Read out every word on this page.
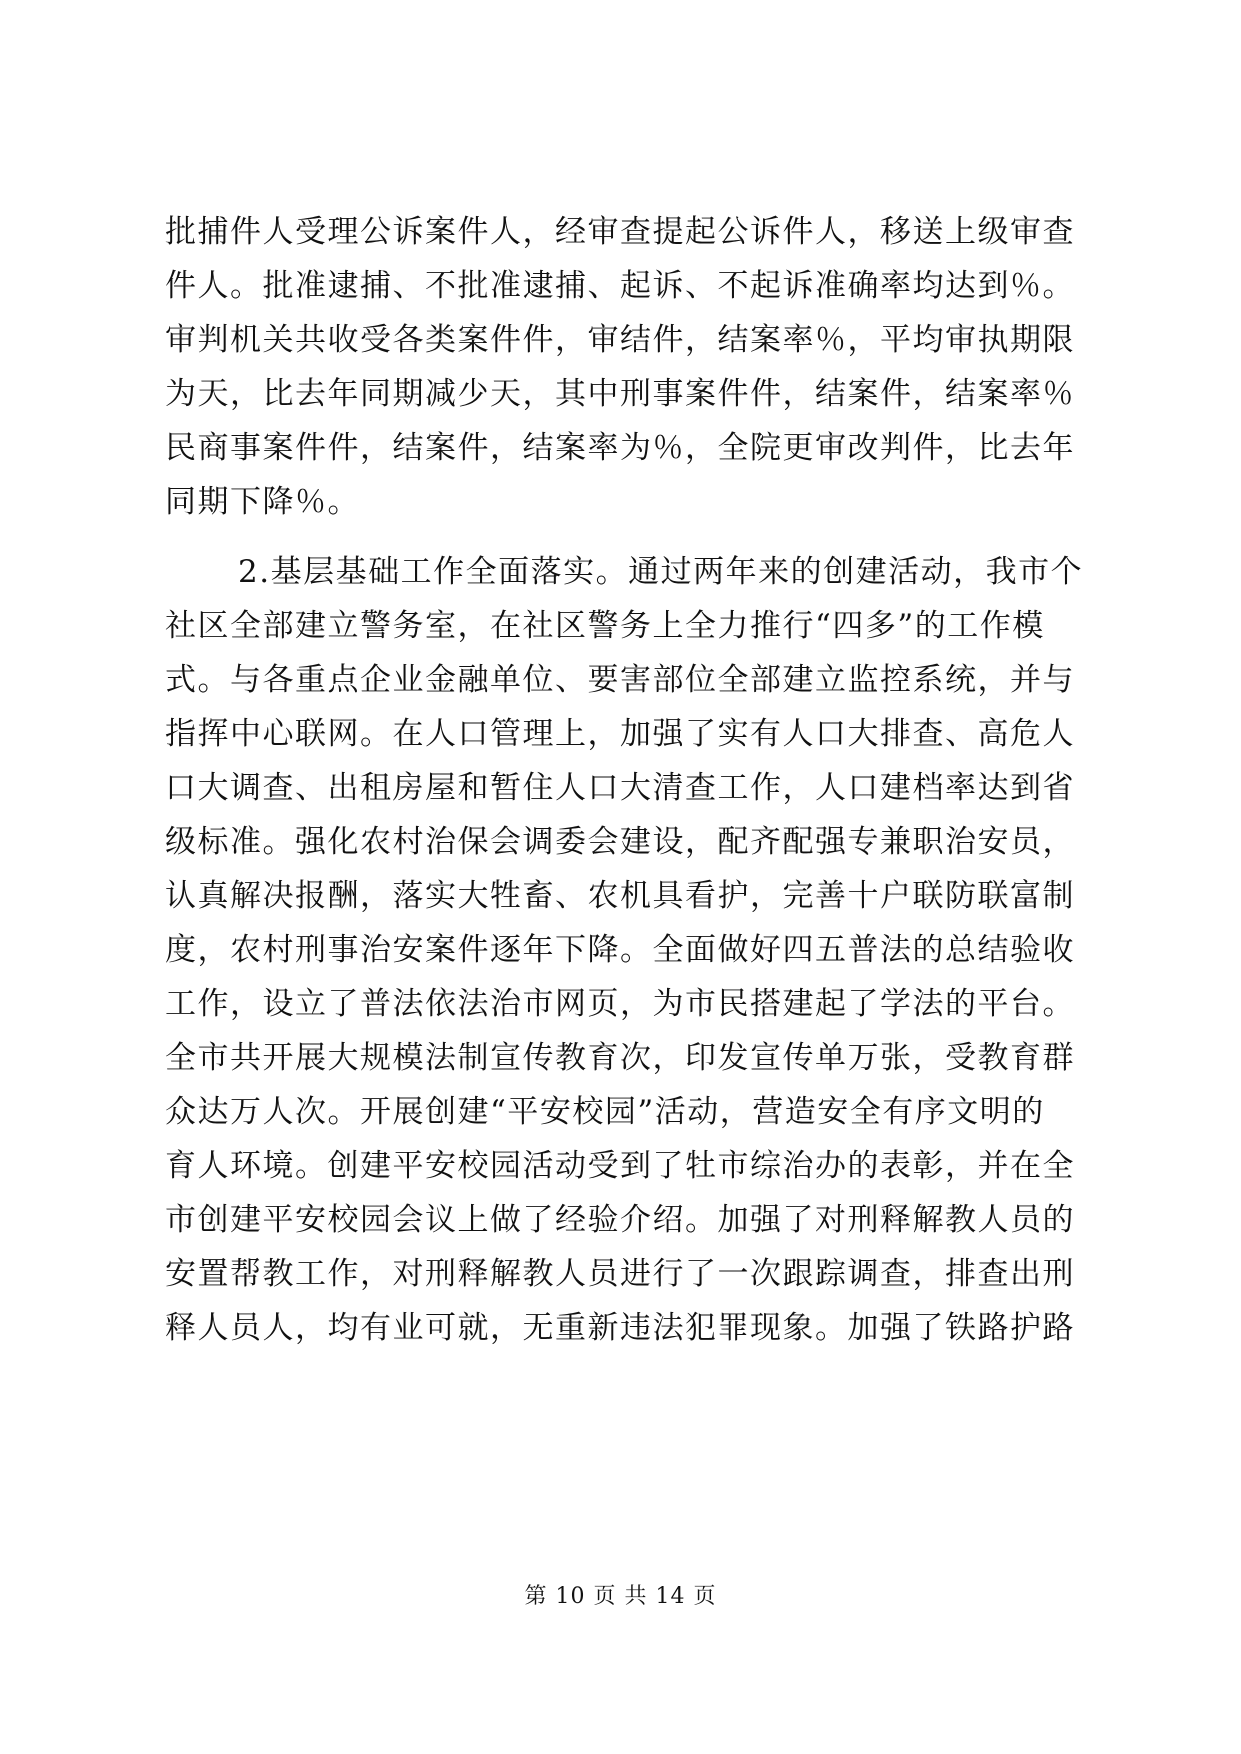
批捕件人受理公诉案件人，经审查提起公诉件人，移送上级审查
件人。批准逮捕、不批准逮捕、起诉、不起诉准确率均达到％。
审判机关共收受各类案件件，审结件，结案率％，平均审执期限
为天，比去年同期减少天，其中刑事案件件，结案件，结案率％
民商事案件件，结案件，结案率为％，全院更审改判件，比去年
同期下降％。
2.基层基础工作全面落实。通过两年来的创建活动，我市个
社区全部建立警务室，在社区警务上全力推行“四多”的工作模
式。与各重点企业金融单位、要害部位全部建立监控系统，并与
指挥中心联网。在人口管理上，加强了实有人口大排查、高危人
口大调查、出租房屋和暂住人口大清查工作，人口建档率达到省
级标准。强化农村治保会调委会建设，配齐配强专兼职治安员，
认真解决报酬，落实大牲畜、农机具看护，完善十户联防联富制
度，农村刑事治安案件逐年下降。全面做好四五普法的总结验收
工作，设立了普法依法治市网页，为市民搭建起了学法的平台。
全市共开展大规模法制宣传教育次，印发宣传单万张，受教育群
众达万人次。开展创建“平安校园”活动，营造安全有序文明的
育人环境。创建平安校园活动受到了牡市综治办的表彰，并在全
市创建平安校园会议上做了经验介绍。加强了对刑释解教人员的
安置帮教工作，对刑释解教人员进行了一次跟踪调查，排查出刑
释人员人，均有业可就，无重新违法犯罪现象。加强了铁路护路
第 10 页 共 14 页
